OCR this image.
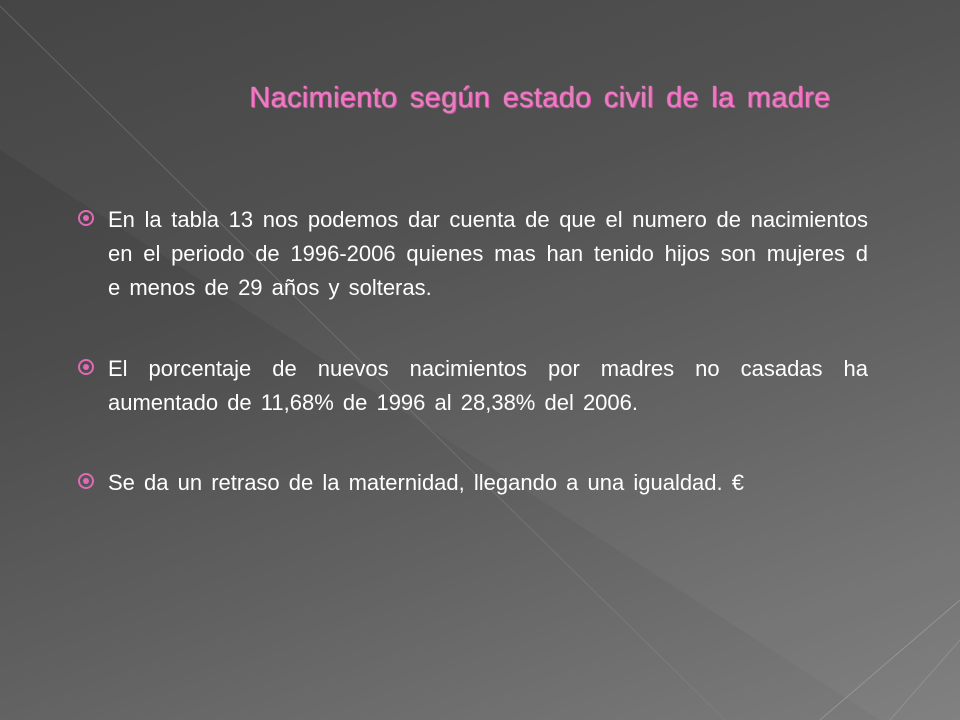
Nacimiento según estado civil de la madre
En la tabla 13 nos podemos dar cuenta de que el numero de nacimientos en el periodo de 1996-2006 quienes mas han tenido hijos son mujeres d e menos de 29 años y solteras.
El porcentaje de nuevos nacimientos por madres no casadas ha aumentado de 11,68% de 1996 al 28,38% del 2006.
Se da un retraso de la maternidad, llegando a una igualdad. €
